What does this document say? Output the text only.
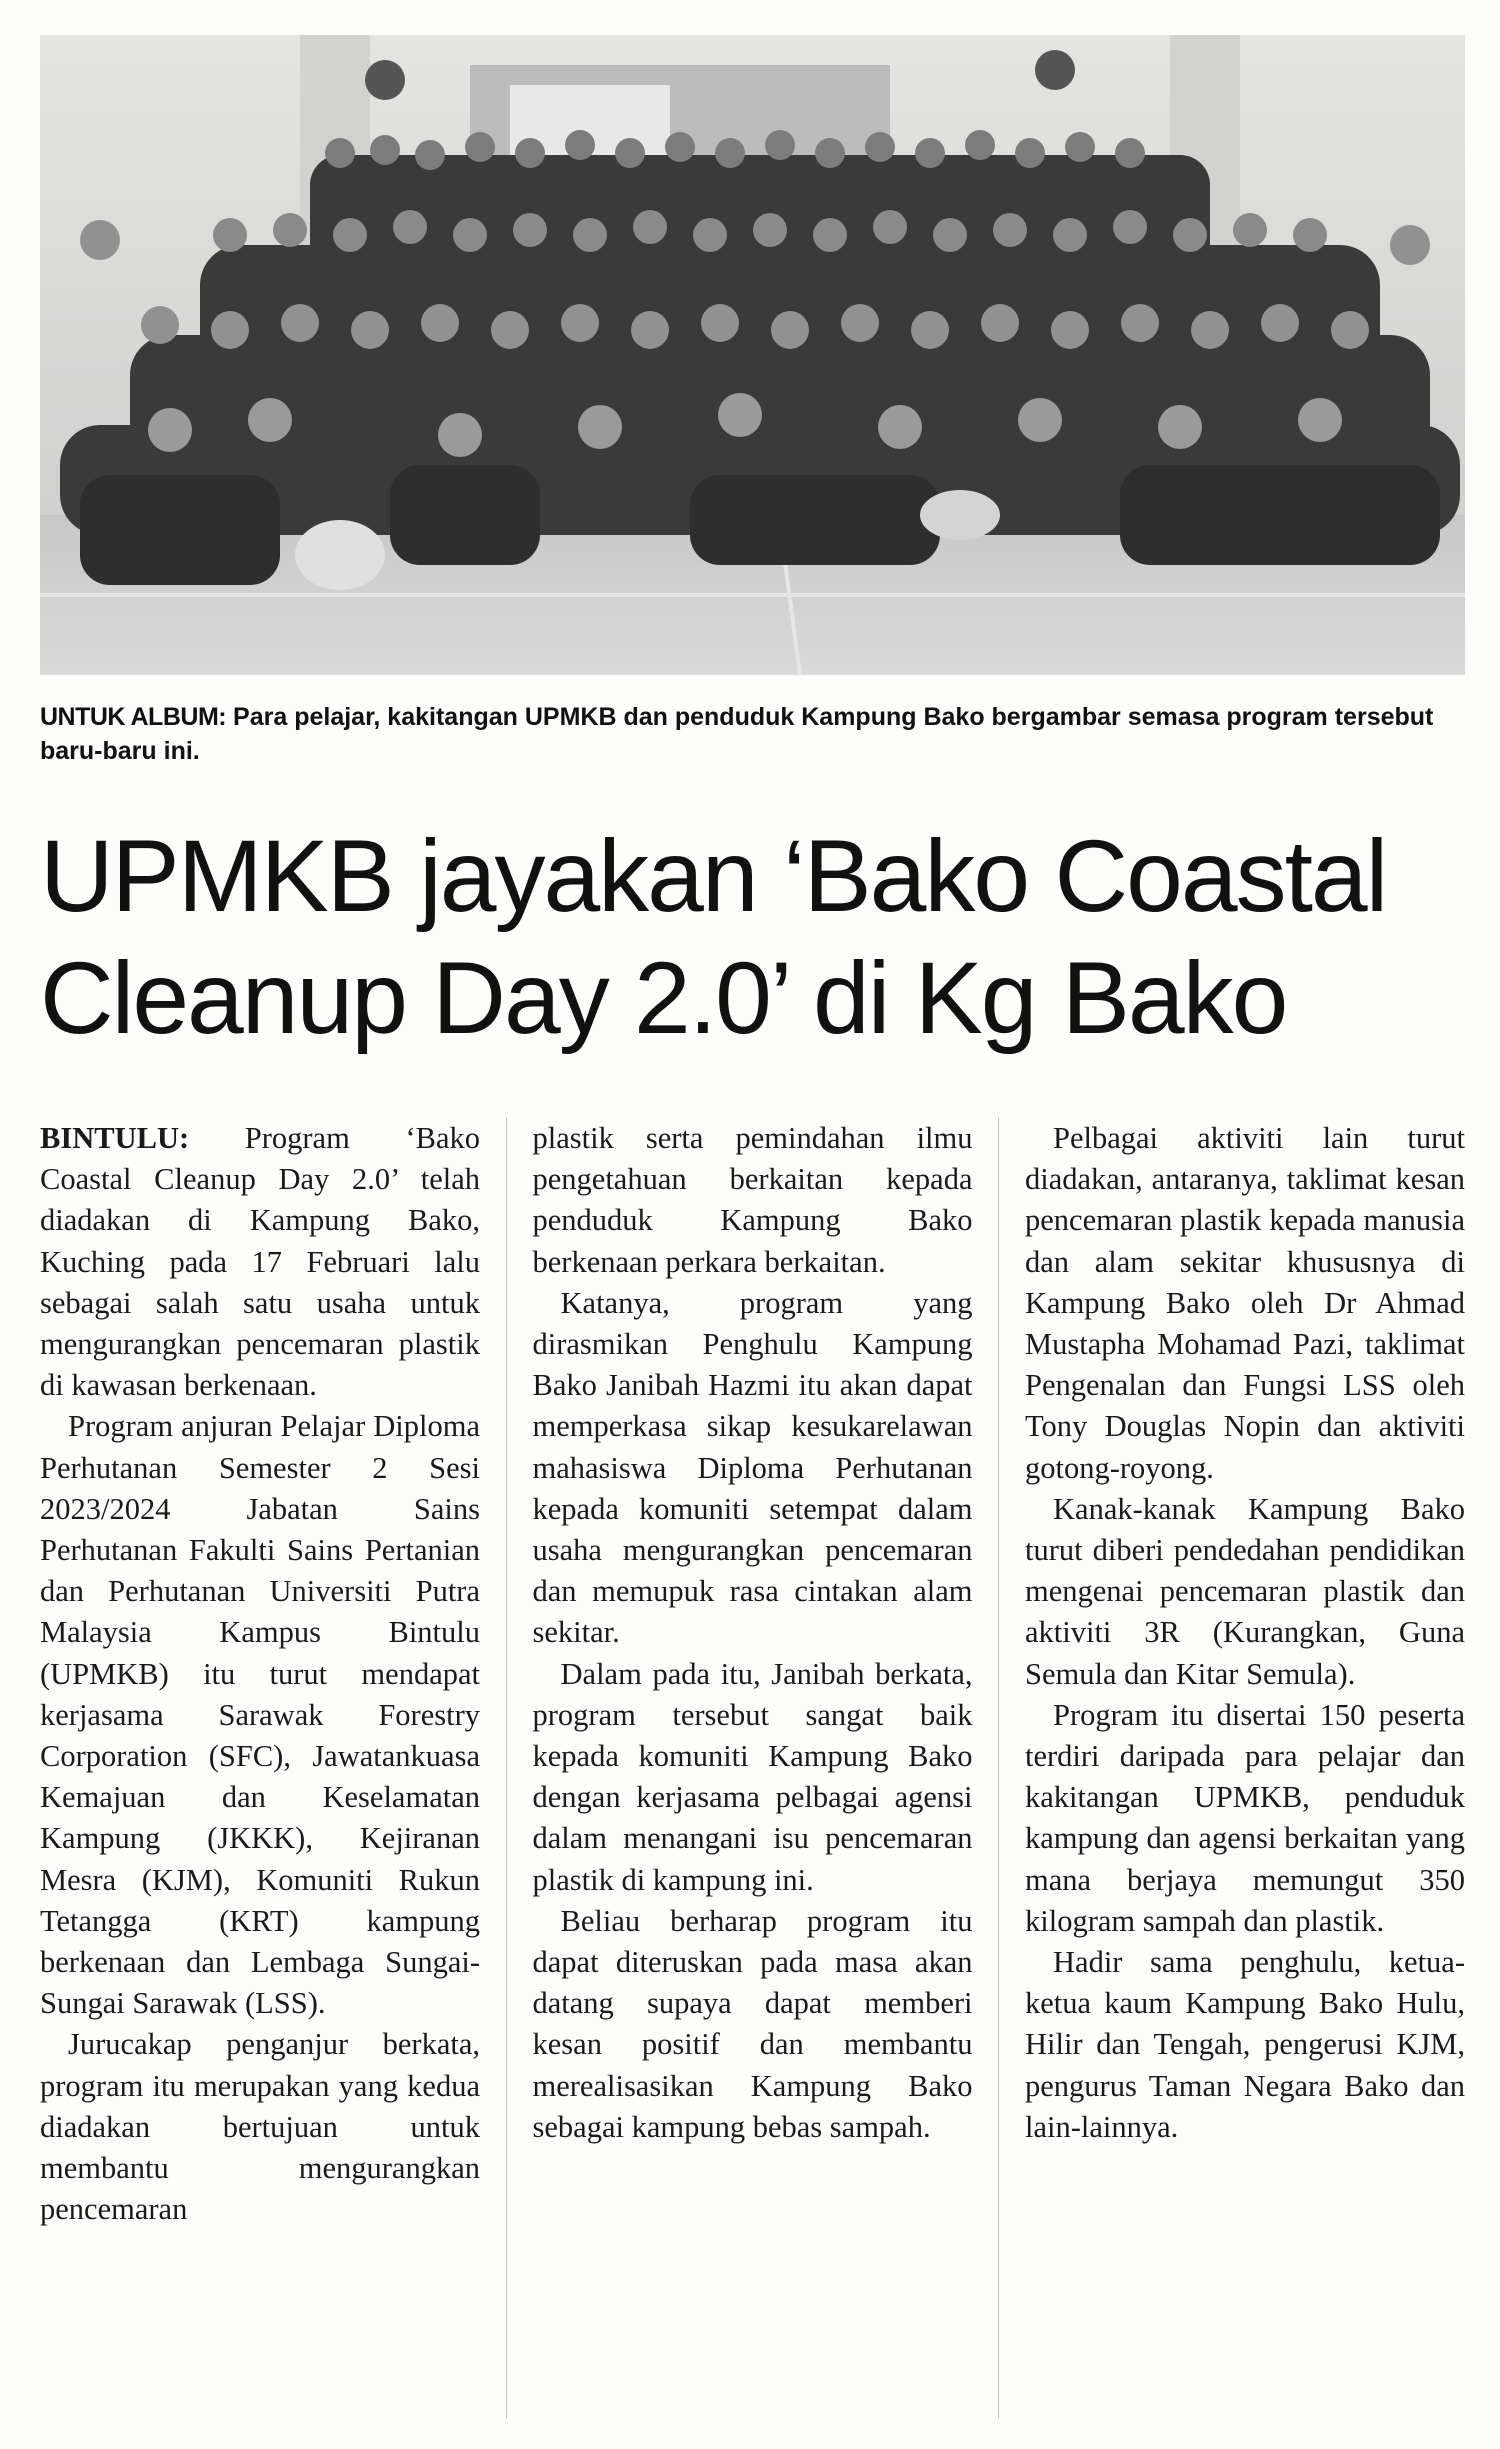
UNTUK ALBUM: Para pelajar, kakitangan UPMKB dan penduduk Kampung Bako bergambar semasa program tersebut baru-baru ini.
UPMKB jayakan ‘Bako Coastal
Cleanup Day 2.0’ di Kg Bako

BINTULU: Program ‘Bako Coastal Cleanup Day 2.0’ telah diadakan di Kampung Bako, Kuching pada 17 Februari lalu sebagai salah satu usaha untuk mengurangkan pencemaran plastik di kawasan berkenaan.

Program anjuran Pelajar Diploma Perhutanan Semester 2 Sesi 2023/2024 Jabatan Sains Perhutanan Fakulti Sains Pertanian dan Perhutanan Universiti Putra Malaysia Kampus Bintulu (UPMKB) itu turut mendapat kerjasama Sarawak Forestry Corporation (SFC), Jawatankuasa Kemajuan dan Keselamatan Kampung (JKKK), Kejiranan Mesra (KJM), Komuniti Rukun Tetangga (KRT) kampung berkenaan dan Lembaga Sungai-Sungai Sarawak (LSS).

Jurucakap penganjur berkata, program itu merupakan yang kedua diadakan bertujuan untuk membantu mengurangkan pencemaran

plastik serta pemindahan ilmu pengetahuan berkaitan kepada penduduk Kampung Bako berkenaan perkara berkaitan.

Katanya, program yang dirasmikan Penghulu Kampung Bako Janibah Hazmi itu akan dapat memperkasa sikap kesukarelawan mahasiswa Diploma Perhutanan kepada komuniti setempat dalam usaha mengurangkan pencemaran dan memupuk rasa cintakan alam sekitar.

Dalam pada itu, Janibah berkata, program tersebut sangat baik kepada komuniti Kampung Bako dengan kerjasama pelbagai agensi dalam menangani isu pencemaran plastik di kampung ini.

Beliau berharap program itu dapat diteruskan pada masa akan datang supaya dapat memberi kesan positif dan membantu merealisasikan Kampung Bako sebagai kampung bebas sampah.

Pelbagai aktiviti lain turut diadakan, antaranya, taklimat kesan pencemaran plastik kepada manusia dan alam sekitar khususnya di Kampung Bako oleh Dr Ahmad Mustapha Mohamad Pazi, taklimat Pengenalan dan Fungsi LSS oleh Tony Douglas Nopin dan aktiviti gotong-royong.

Kanak-kanak Kampung Bako turut diberi pendedahan pendidikan mengenai pencemaran plastik dan aktiviti 3R (Kurangkan, Guna Semula dan Kitar Semula).

Program itu disertai 150 peserta terdiri daripada para pelajar dan kakitangan UPMKB, penduduk kampung dan agensi berkaitan yang mana berjaya memungut 350 kilogram sampah dan plastik.

Hadir sama penghulu, ketua-ketua kaum Kampung Bako Hulu, Hilir dan Tengah, pengerusi KJM, pengurus Taman Negara Bako dan lain-lainnya.
